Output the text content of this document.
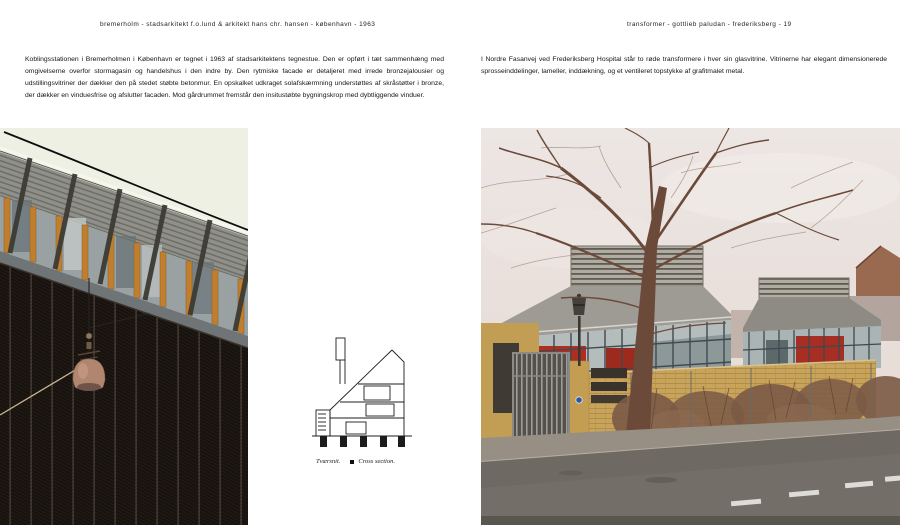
bremerholm - stadsarkitekt f.o.lund & arkitekt hans chr. hansen - københavn - 1963	transformer - gottlieb paludan - frederiksberg - 19
Koblingsstationen i Bremerholmen i København er tegnet i 1963 af stadsarkitektens tegnestue. Den er opført i tæt sammenhæng med omgivelserne overfor stormagasin og handelshus i den indre by. Den rytmiske facade er detaljeret med irrede bronzejalousier og udstillingsvitriner der dækker den på stedet støbte betonmur. En opskalket udkraget solafskærmning understøttes af skråstøtter i bronze, der dækker en vinduesfrise og afslutter facaden. Mod gårdrummet fremstår den insitustøbte bygningskrop med dybtliggende vinduer.
I Nordre Fasanvej ved Frederiksberg Hospital står to røde transformere i hver sin glasvitrine. Vitrinerne har elegant dimensionerede sprosseinddelinger, lameller, inddækning, og et ventileret topstykke af grafitmalet metal.
Tværsnit.	Cross section.
